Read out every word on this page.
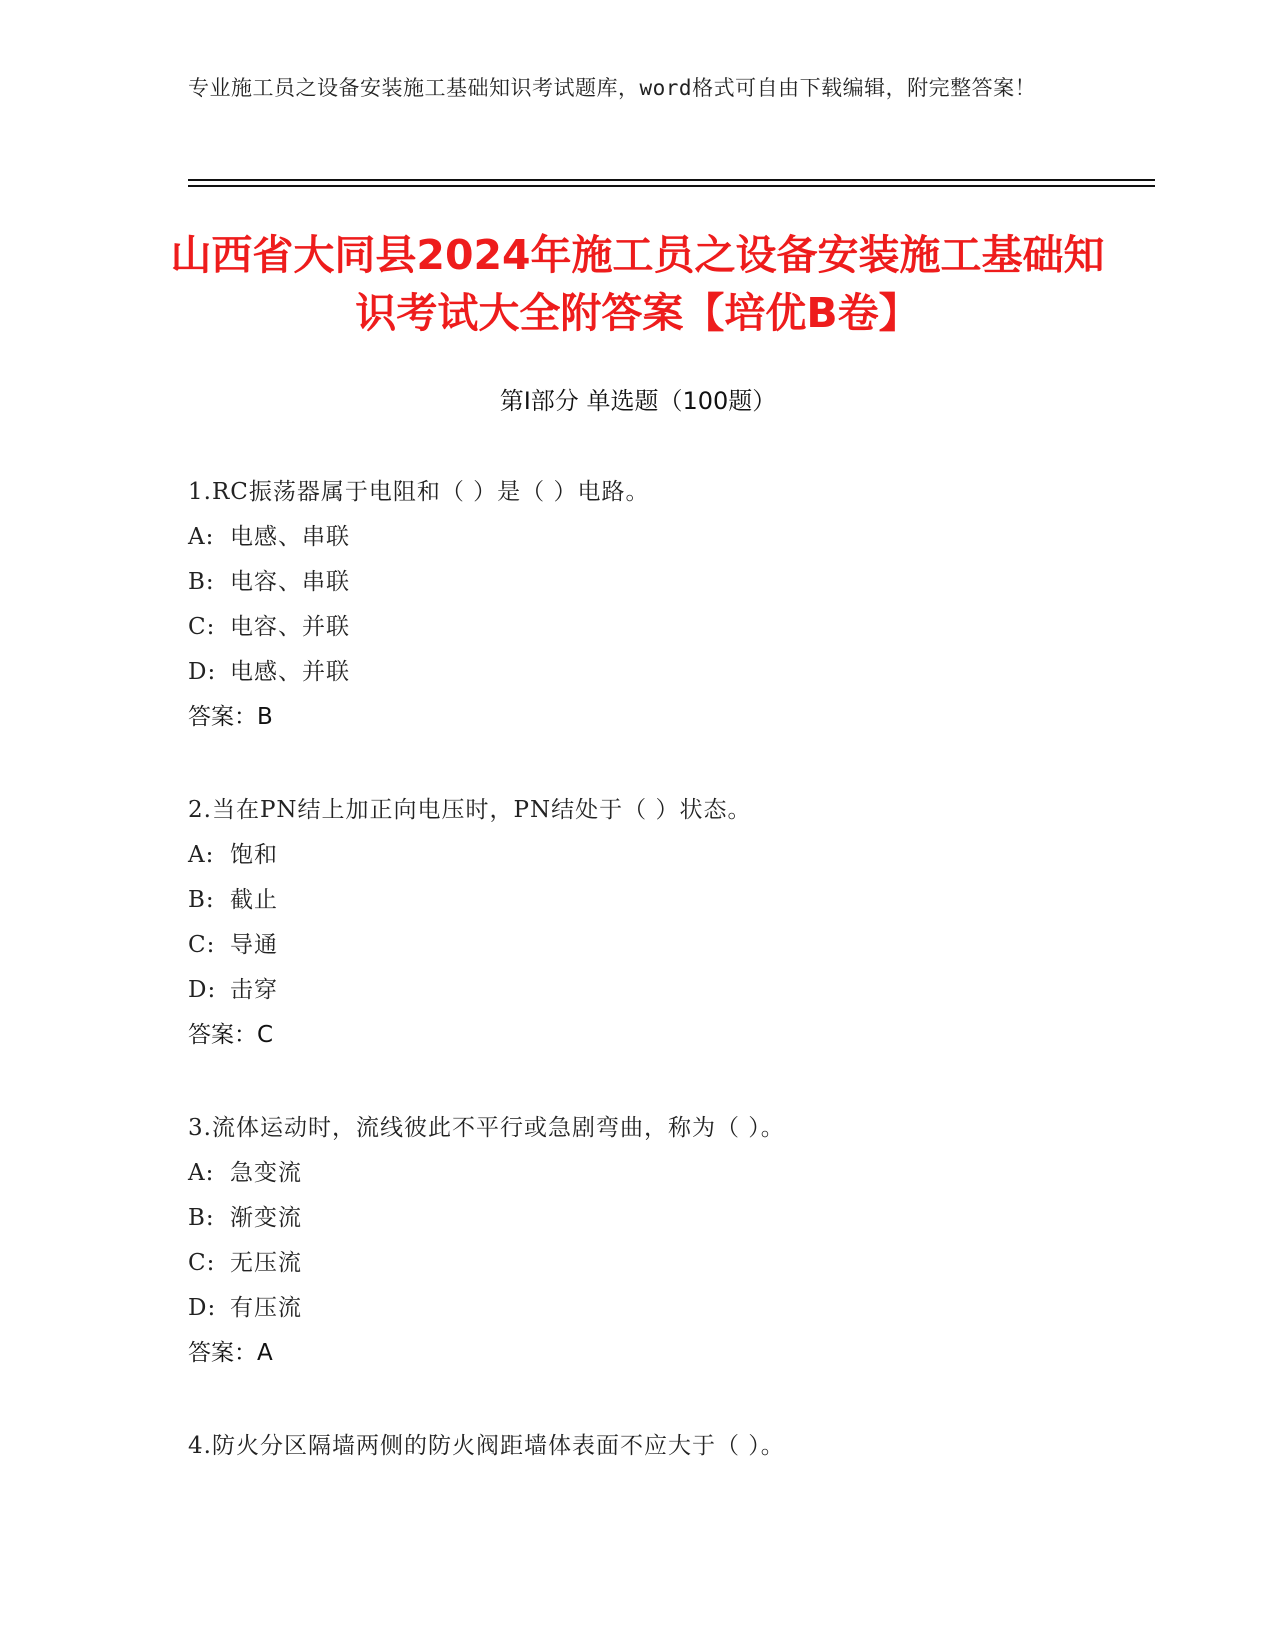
专业施工员之设备安装施工基础知识考试题库，word格式可自由下载编辑，附完整答案！
山西省大同县2024年施工员之设备安装施工基础知识考试大全附答案【培优B卷】
第I部分 单选题（100题）
1.RC振荡器属于电阻和（ ）是（ ）电路。
A: 电感、串联
B: 电容、串联
C: 电容、并联
D: 电感、并联
答案：B
2.当在PN结上加正向电压时，PN结处于（ ）状态。
A: 饱和
B: 截止
C: 导通
D: 击穿
答案：C
3.流体运动时，流线彼此不平行或急剧弯曲，称为（ ）。
A: 急变流
B: 渐变流
C: 无压流
D: 有压流
答案：A
4.防火分区隔墙两侧的防火阀距墙体表面不应大于（ ）。
